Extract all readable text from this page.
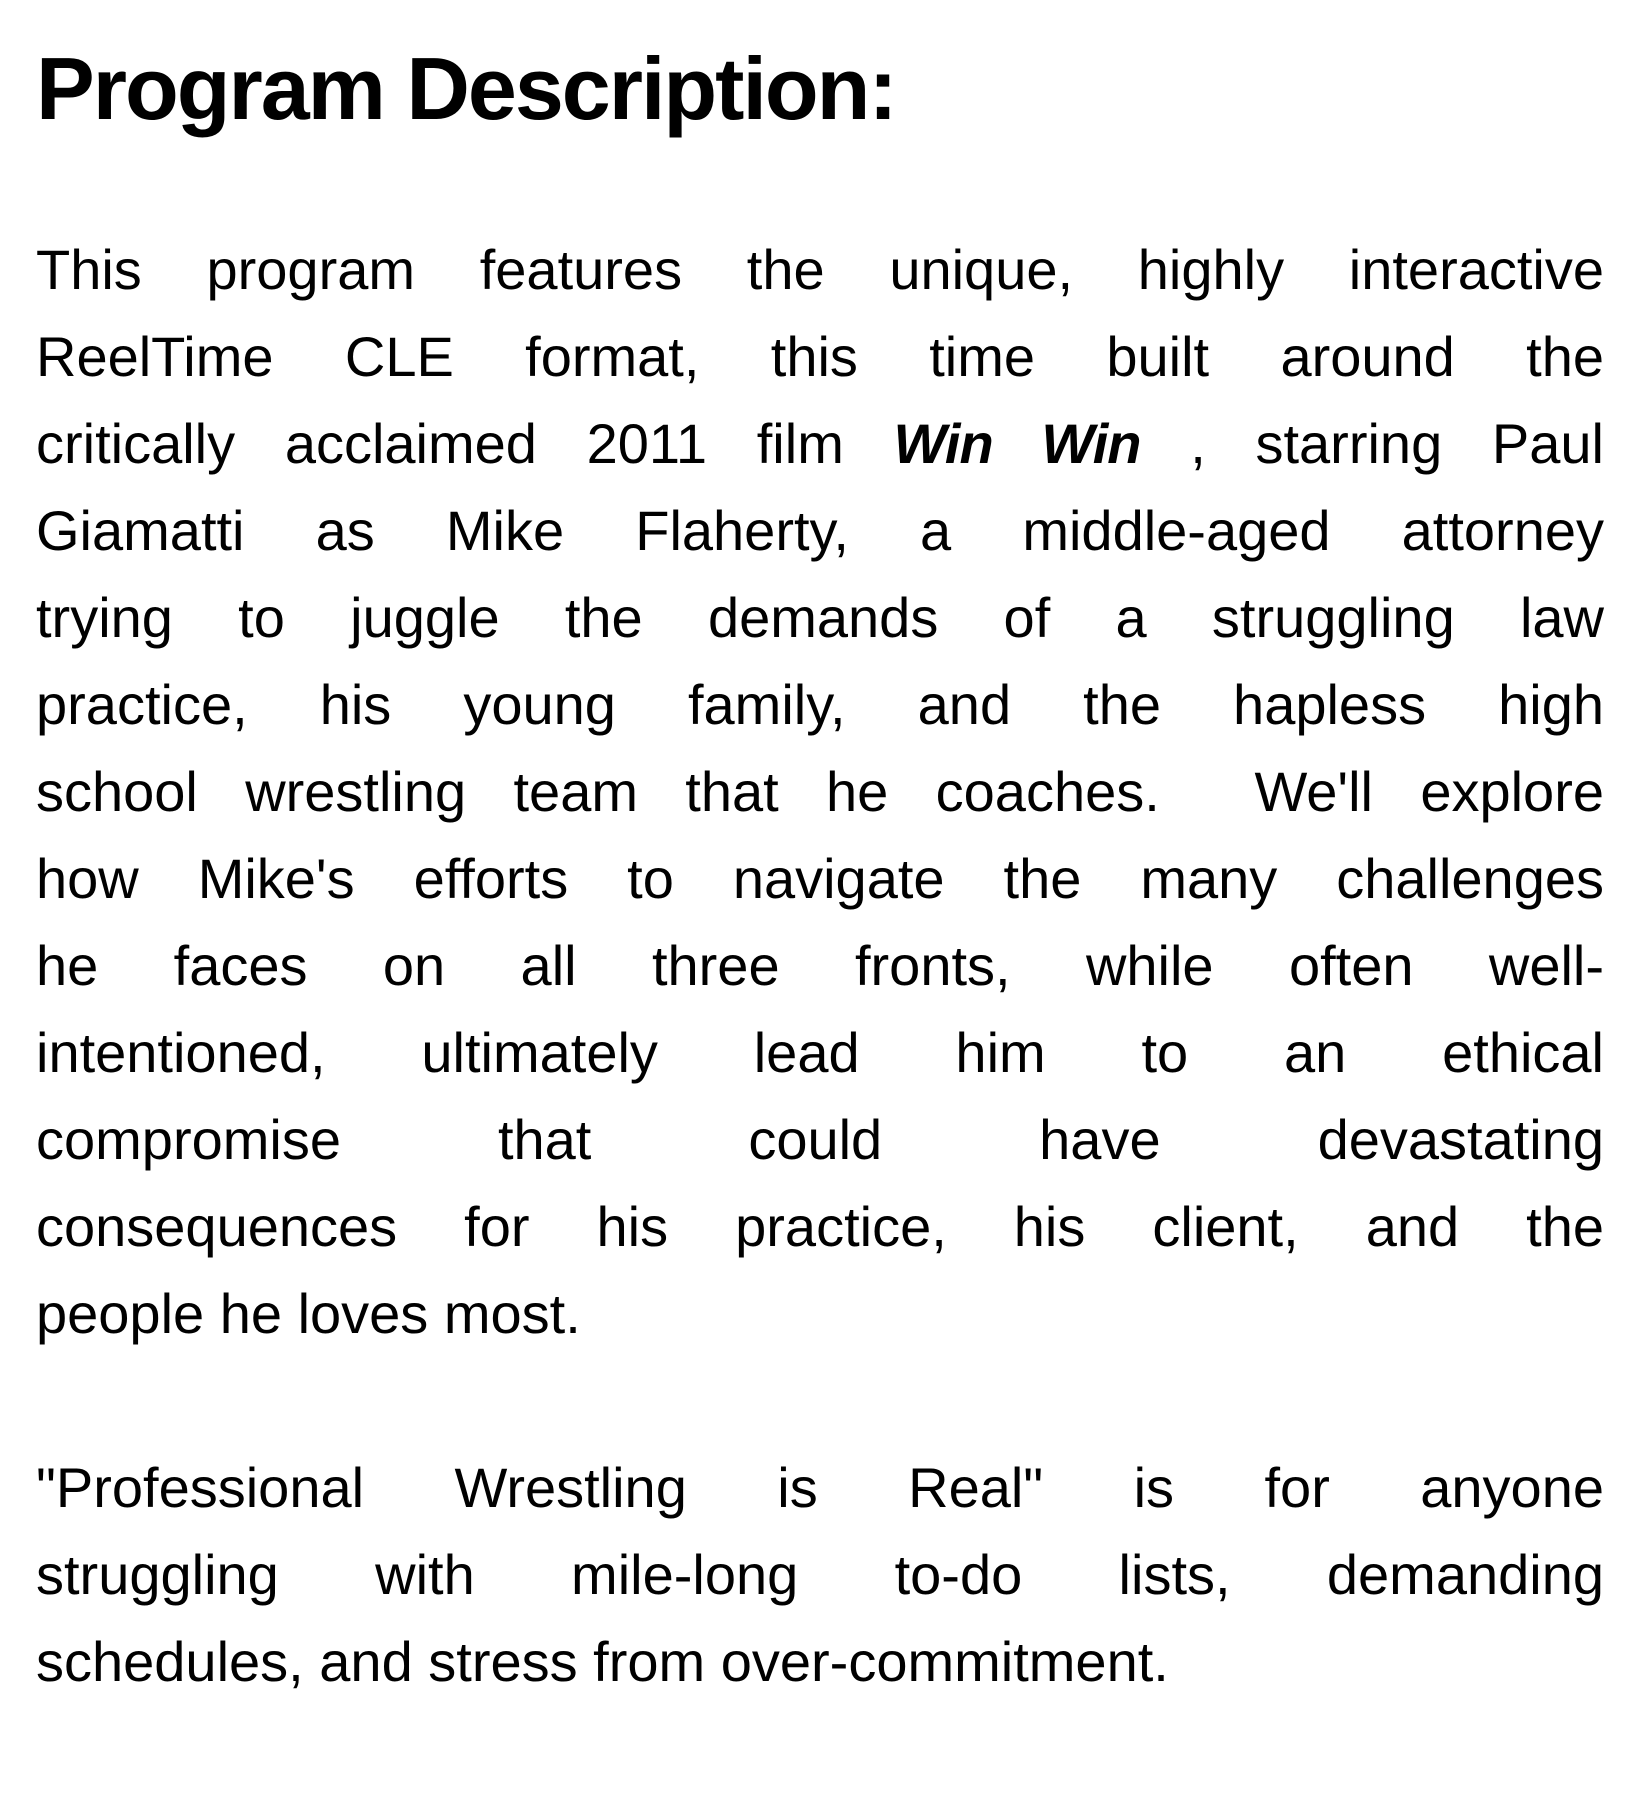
Program Description:
This program features the unique, highly interactive
ReelTime CLE format, this time built around the
critically acclaimed 2011 film Win Win , starring Paul
Giamatti as Mike Flaherty, a middle-aged attorney
trying to juggle the demands of a struggling law
practice, his young family, and the hapless high
school wrestling team that he coaches.  We'll explore
how Mike's efforts to navigate the many challenges
he faces on all three fronts, while often well-
intentioned, ultimately lead him to an ethical
compromise that could have devastating
consequences for his practice, his client, and the
people he loves most.
"Professional Wrestling is Real" is for anyone
struggling with mile-long to-do lists, demanding
schedules, and stress from over-commitment.
